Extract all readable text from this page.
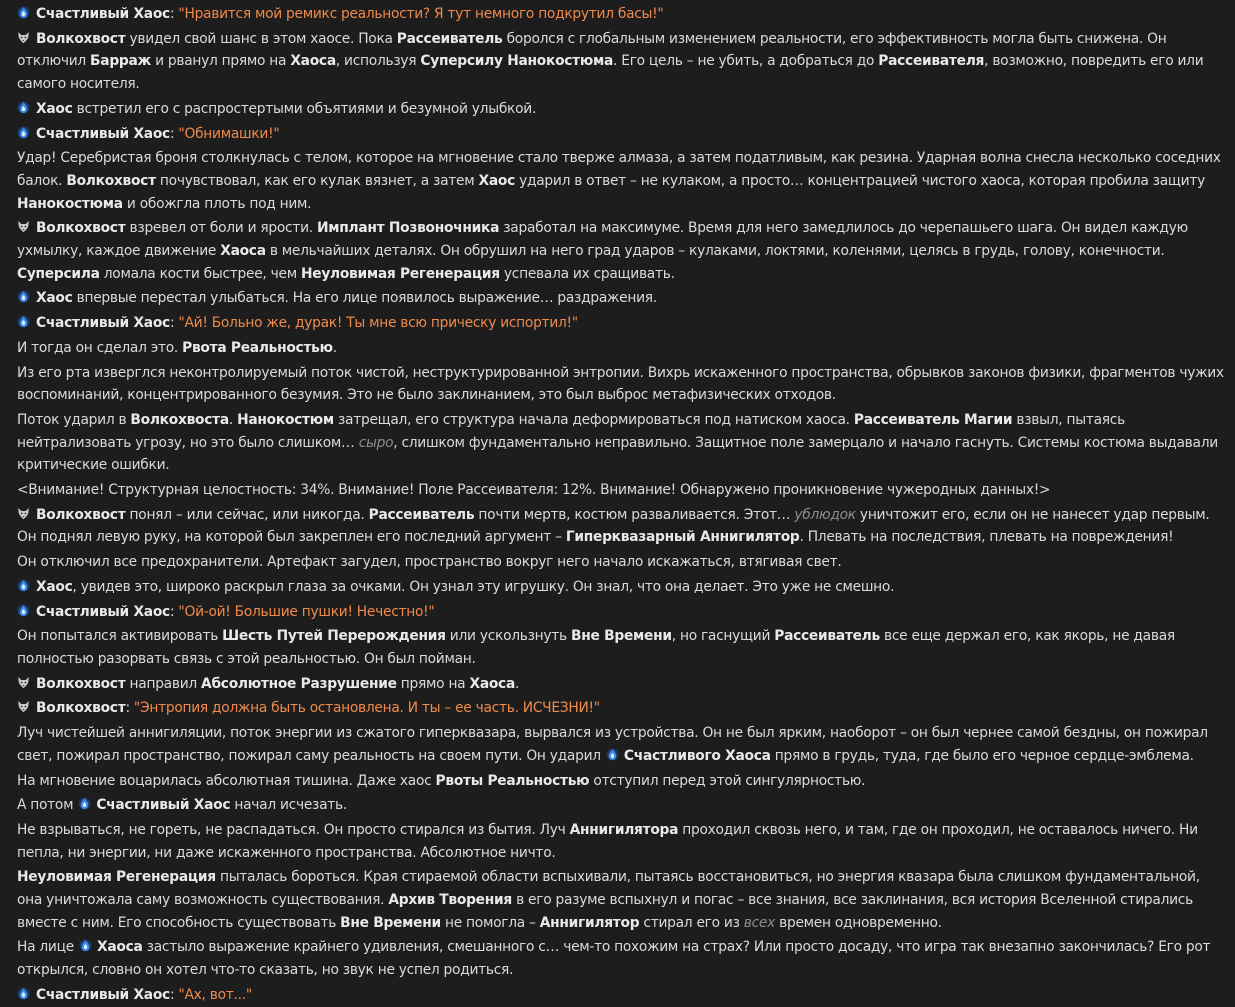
Счастливый Хаос: "Нравится мой ремикс реальности? Я тут немного подкрутил басы!"
Волкохвост увидел свой шанс в этом хаосе. Пока Рассеиватель боролся с глобальным изменением реальности, его эффективность могла быть снижена. Он отключил Барраж и рванул прямо на Хаоса, используя Суперсилу Нанокостюма. Его цель – не убить, а добраться до Рассеивателя, возможно, повредить его или самого носителя.
Хаос встретил его с распростертыми объятиями и безумной улыбкой.
Счастливый Хаос: "Обнимашки!"
Удар! Серебристая броня столкнулась с телом, которое на мгновение стало тверже алмаза, а затем податливым, как резина. Ударная волна снесла несколько соседних балок. Волкохвост почувствовал, как его кулак вязнет, а затем Хаос ударил в ответ – не кулаком, а просто… концентрацией чистого хаоса, которая пробила защиту Нанокостюма и обожгла плоть под ним.
Волкохвост взревел от боли и ярости. Имплант Позвоночника заработал на максимуме. Время для него замедлилось до черепашьего шага. Он видел каждую ухмылку, каждое движение Хаоса в мельчайших деталях. Он обрушил на него град ударов – кулаками, локтями, коленями, целясь в грудь, голову, конечности. Суперсила ломала кости быстрее, чем Неуловимая Регенерация успевала их сращивать.
Хаос впервые перестал улыбаться. На его лице появилось выражение… раздражения.
Счастливый Хаос: "Ай! Больно же, дурак! Ты мне всю прическу испортил!"
И тогда он сделал это. Рвота Реальностью.
Из его рта изверглся неконтролируемый поток чистой, неструктурированной энтропии. Вихрь искаженного пространства, обрывков законов физики, фрагментов чужих воспоминаний, концентрированного безумия. Это не было заклинанием, это был выброс метафизических отходов.
Поток ударил в Волкохвоста. Нанокостюм затрещал, его структура начала деформироваться под натиском хаоса. Рассеиватель Магии взвыл, пытаясь нейтрализовать угрозу, но это было слишком… сыро, слишком фундаментально неправильно. Защитное поле замерцало и начало гаснуть. Системы костюма выдавали критические ошибки.
<Внимание! Структурная целостность: 34%. Внимание! Поле Рассеивателя: 12%. Внимание! Обнаружено проникновение чужеродных данных!>
Волкохвост понял – или сейчас, или никогда. Рассеиватель почти мертв, костюм разваливается. Этот… ублюдок уничтожит его, если он не нанесет удар первым. Он поднял левую руку, на которой был закреплен его последний аргумент – Гиперквазарный Аннигилятор. Плевать на последствия, плевать на повреждения!
Он отключил все предохранители. Артефакт загудел, пространство вокруг него начало искажаться, втягивая свет.
Хаос, увидев это, широко раскрыл глаза за очками. Он узнал эту игрушку. Он знал, что она делает. Это уже не смешно.
Счастливый Хаос: "Ой-ой! Большие пушки! Нечестно!"
Он попытался активировать Шесть Путей Перерождения или ускользнуть Вне Времени, но гаснущий Рассеиватель все еще держал его, как якорь, не давая полностью разорвать связь с этой реальностью. Он был пойман.
Волкохвост направил Абсолютное Разрушение прямо на Хаоса.
Волкохвост: "Энтропия должна быть остановлена. И ты – ее часть. ИСЧЕЗНИ!"
Луч чистейшей аннигиляции, поток энергии из сжатого гиперквазара, вырвался из устройства. Он не был ярким, наоборот – он был чернее самой бездны, он пожирал свет, пожирал пространство, пожирал саму реальность на своем пути. Он ударил
Счастливого Хаоса прямо в грудь, туда, где было его черное сердце-эмблема.
На мгновение воцарилась абсолютная тишина. Даже хаос Рвоты Реальностью отступил перед этой сингулярностью.
А потом
Счастливый Хаос начал исчезать.
Не взрываться, не гореть, не распадаться. Он просто стирался из бытия. Луч Аннигилятора проходил сквозь него, и там, где он проходил, не оставалось ничего. Ни пепла, ни энергии, ни даже искаженного пространства. Абсолютное ничто.
Неуловимая Регенерация пыталась бороться. Края стираемой области вспыхивали, пытаясь восстановиться, но энергия квазара была слишком фундаментальной, она уничтожала саму возможность существования. Архив Творения в его разуме вспыхнул и погас – все знания, все заклинания, вся история Вселенной стирались вместе с ним. Его способность существовать Вне Времени не помогла – Аннигилятор стирал его из всех времен одновременно.
На лице
Хаоса застыло выражение крайнего удивления, смешанного с… чем-то похожим на страх? Или просто досаду, что игра так внезапно закончилась? Его рот открылся, словно он хотел что-то сказать, но звук не успел родиться.
Счастливый Хаос: "Ах, вот..."
